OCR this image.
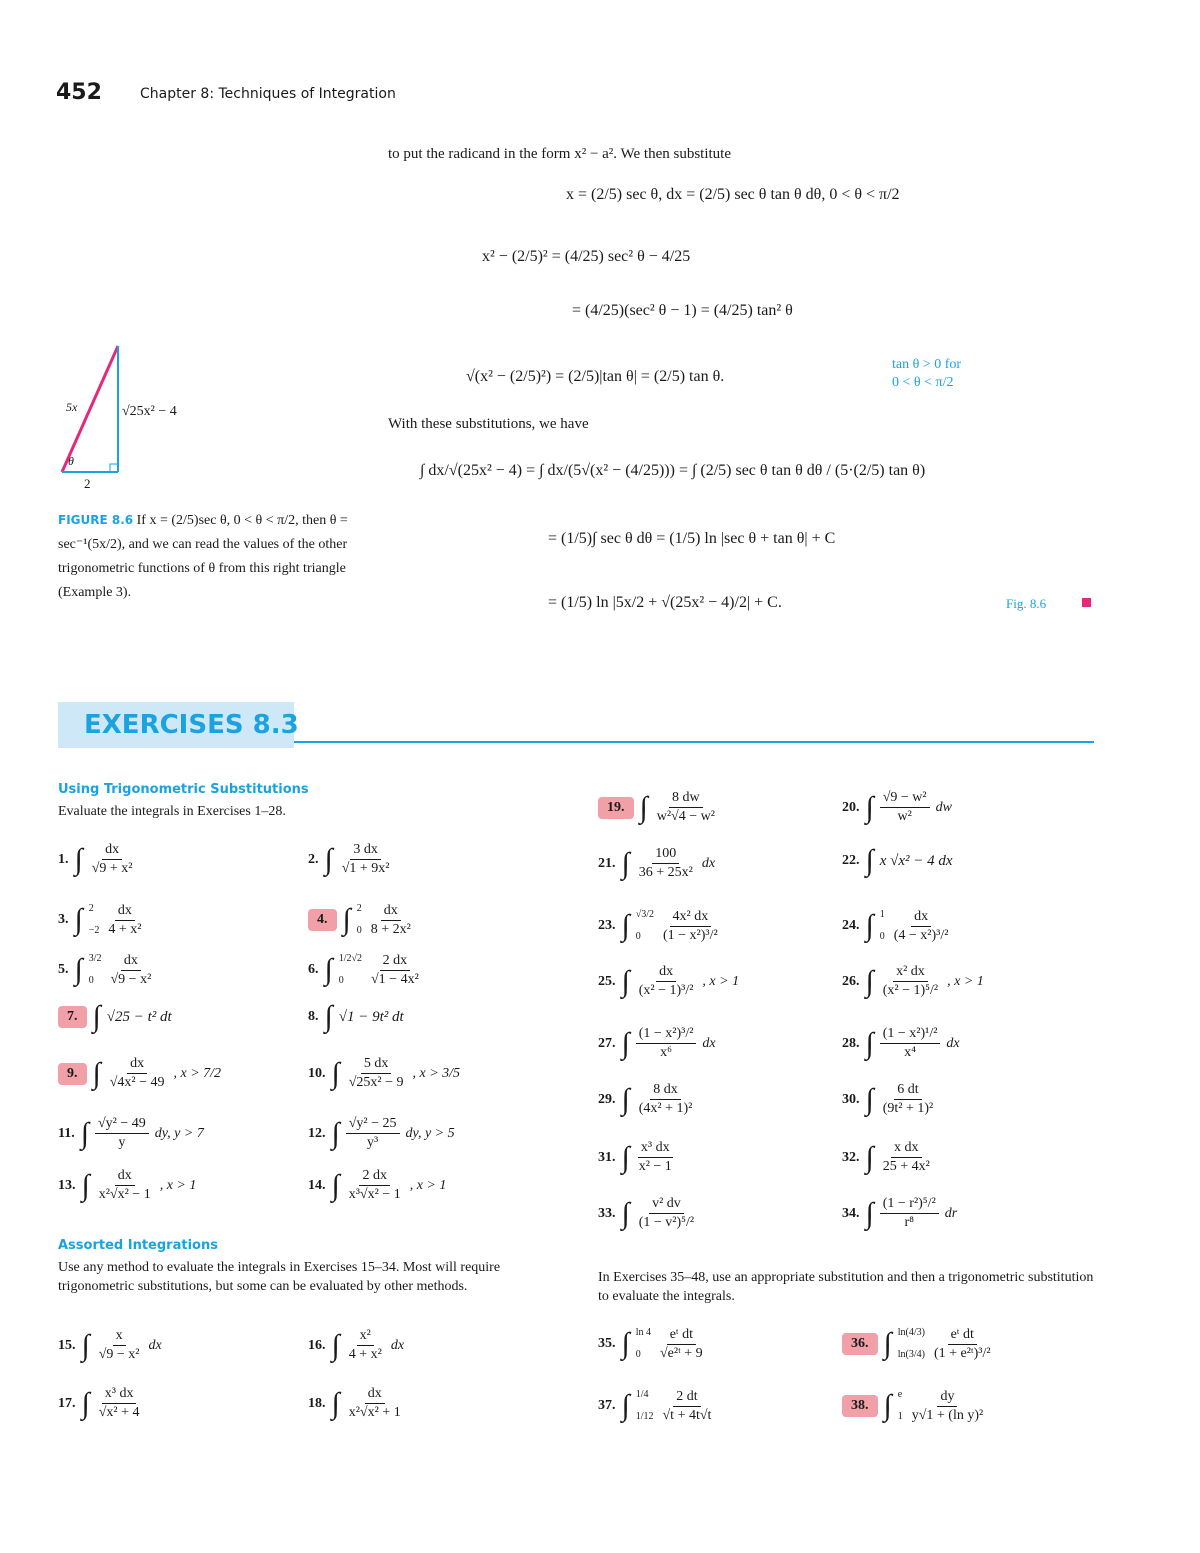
452	Chapter 8: Techniques of Integration
to put the radicand in the form x² − a². We then substitute
x = (2/5) sec θ, dx = (2/5) sec θ tan θ dθ, 0 < θ < π/2
x² − (2/5)² = (4/25) sec² θ − 4/25
= (4/25)(sec² θ − 1) = (4/25) tan² θ
√(x² − (2/5)²) = (2/5)|tan θ| = (2/5) tan θ.
tan θ > 0 for
0 < θ < π/2
With these substitutions, we have
∫ dx/√(25x² − 4) = ∫ dx/(5√(x² − (4/25))) = ∫ (2/5) sec θ tan θ dθ / (5·(2/5) tan θ)
= (1/5)∫ sec θ dθ = (1/5) ln |sec θ + tan θ| + C
= (1/5) ln |5x/2 + √(25x² − 4)/2| + C.	Fig. 8.6
5x	√25x² − 4
2
θ
FIGURE 8.6 If x = (2/5)sec θ, 0 < θ < π/2, then θ = sec⁻¹(5x/2), and we can read the values of the other trigonometric functions of θ from this right triangle (Example 3).
EXERCISES 8.3
Using Trigonometric Substitutions
Evaluate the integrals in Exercises 1–28.
Assorted Integrations
Use any method to evaluate the integrals in Exercises 15–34. Most will require trigonometric substitutions, but some can be evaluated by other methods.
In Exercises 35–48, use an appropriate substitution and then a trigonometric substitution to evaluate the integrals.
1. ∫ $\frac{dx}{\text{√9 + x²}}$	2. ∫ $\frac{3 dx}{\text{√1 + 9x²}}$
3. ∫ 2
$-2 \frac{dx}{\text{4 + x²}}$	4. ∫ 2
$0 \frac{dx}{\text{8 + 2x²}}$
5. ∫ 3/2
$0 \frac{dx}{\text{√9 − x²}}$	6. ∫ 1/2√2
0	$\frac{2 dx}{\text{√1 − 4x²}}$
7. ∫ √25 − t² dt	8. ∫ √1 − 9t² dt
9. ∫ $\frac{dx}{\text{√4x² − 49}}$ , x > 7/2	10. ∫ $\frac{5 dx}{\text{√25x² − 9}}$ , x > 3/5
11. ∫ $\frac{\text{√y² − 49}}{y}$ dy, y > 7	12. ∫ $\frac{\text{√y² − 25}}{\text{y³}}$ dy, y > 5
13. ∫ $\frac{dx}{\text{x²√x² − 1}}$ , x > 1	14. ∫ $\frac{2 dx}{\text{x³√x² − 1}}$ , x > 1
15. ∫ $\frac{x}{\text{√9 − x²}}$ dx	16. ∫ $\frac{\text{x²}}{\text{4 + x²}}$ dx
17. ∫ $\frac{\text{x³ dx}}{\text{√x² + 4}}$	18. ∫ $\frac{dx}{\text{x²√x² + 1}}$
19. ∫ $\frac{8 dw}{\text{w²√4 − w²}}$	20. ∫ $\frac{\text{√9 − w²}}{\text{w²}}$ dw
21. ∫ $\frac{100}{\text{36 + 25x²}}$ dx	22. ∫ x √x² − 4 dx
23. ∫ √3/2
0	$\frac{\text{4x² dx}}{\text{(1 − x²)³/²}}$	24. ∫ 1
$0 \frac{dx}{\text{(4 − x²)³/²}}$
25. ∫ $\frac{dx}{\text{(x² − 1)³/²}}$ , x > 1	26. ∫ $\frac{\text{x² dx}}{\text{(x² − 1)⁵/²}}$ , x > 1
27. ∫ $\frac{\text{(1 − x²)³/²}}{\text{x⁶}}$ dx	28. ∫ $\frac{\text{(1 − x²)¹/²}}{\text{x⁴}}$ dx
29. ∫ $\frac{8 dx}{\text{(4x² + 1)²}}$	30. ∫ $\frac{6 dt}{\text{(9t² + 1)²}}$
31. ∫ $\frac{\text{x³ dx}}{\text{x² − 1}}$	32. ∫ $\frac{\text{x dx}}{\text{25 + 4x²}}$
33. ∫ $\frac{\text{v² dv}}{\text{(1 − v²)⁵/²}}$	34. ∫ $\frac{\text{(1 − r²)⁵/²}}{\text{r⁸}}$ dr
35. ∫ ln 4
0	$\frac{\text{eᵗ dt}}{\text{√e²ᵗ + 9}}$	36. ∫ ln(4/3)
$\ln(3/4) \frac{\text{eᵗ dt}}{\text{(1 + e²ᵗ)³/²}}$
37. ∫ 1/4
$1/12 \frac{2 dt}{√t + 4t√t}$	38. ∫ e
$1 \frac{dy}{\text{y√1 + (ln y)²}}$
